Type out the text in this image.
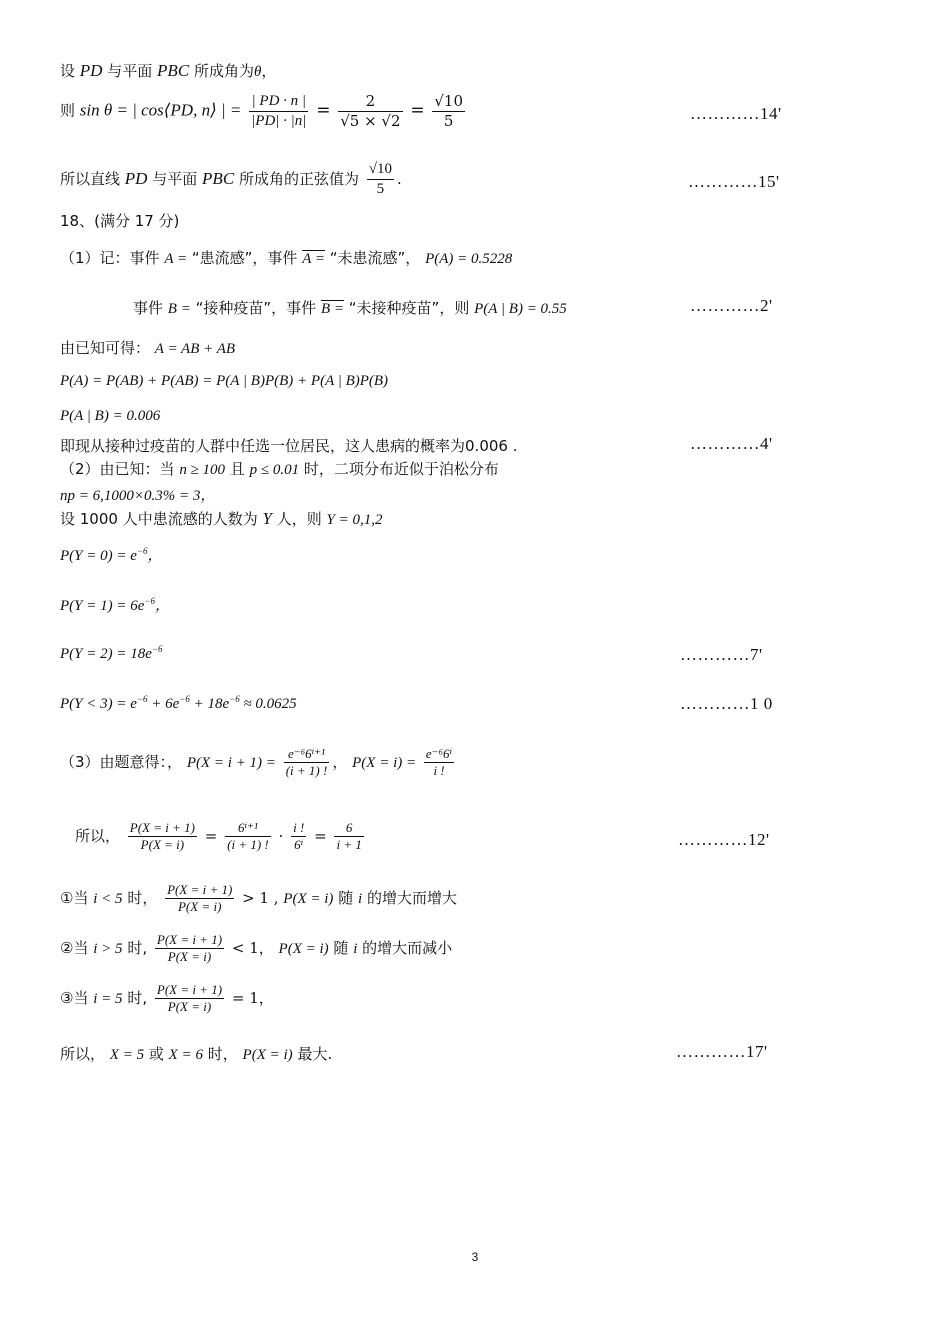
设 PD 与平面 PBC 所成角为θ，
则 sin θ = | cos⟨PD, n⟩ | = $\frac{| PD \cdot n |}{|PD| \cdot |n|} = \frac{2}{√5 \times √2} = \frac{√10}{5}$	…………14'
所以直线 PD 与平面 PBC 所成角的正弦值为 $\frac{√10}{5}$ .	…………15'
18、(满分 17 分)
（1）记：事件 A = “患流感”，事件 A = “未患流感”， P(A) = 0.5228
事件 B = “接种疫苗”，事件 B = “未接种疫苗”，则 P(A | B) = 0.55	…………2'
由已知可得： A = AB + AB
P(A) = P(AB) + P(AB) = P(A | B)P(B) + P(A | B)P(B)
P(A | B) = 0.006
即现从接种过疫苗的人群中任选一位居民，这人患病的概率为0.006 .	…………4'
（2）由已知：当 n ≥ 100 且 p ≤ 0.01 时，二项分布近似于泊松分布
np = 6,1000×0.3% = 3，
设 1000 人中患流感的人数为 Y 人，则 Y = 0,1,2
$P(Y = 0) = e^{-6}$，
$P(Y = 1) = 6e^{-6}$，
$P(Y = 2) = 18e^{-6}$	…………7'
$P(Y < 3) = e^{-6} + 6e^{-6} + 18e^{-6} \approx 0.0625$	…………1 0
（3）由题意得：， $P(X = i + 1) = \frac{\text{e⁻⁶6ⁱ⁺¹}}{(i + 1) !}$ ， $P(X = i) = \frac{\text{e⁻⁶6ⁱ}}{i !}$
所以， $\frac{P(X = i + 1)}{P(X = i)} = \frac{\text{6ⁱ⁺¹}}{(i + 1) !} \cdot \frac{i !}{\text{6ⁱ}} = \frac{6}{i + 1}$	…………12'
①当 i < 5 时， $\frac{P(X = i + 1)}{P(X = i)} > 1$ , P(X = i) 随 i 的增大而增大
②当 i > 5 时, $\frac{P(X = i + 1)}{P(X = i)} < 1$， P(X = i) 随 i 的增大而减小
③当 i = 5 时, $\frac{P(X = i + 1)}{P(X = i)} = 1$，
所以， X = 5 或 X = 6 时， P(X = i) 最大.	…………17'
3
